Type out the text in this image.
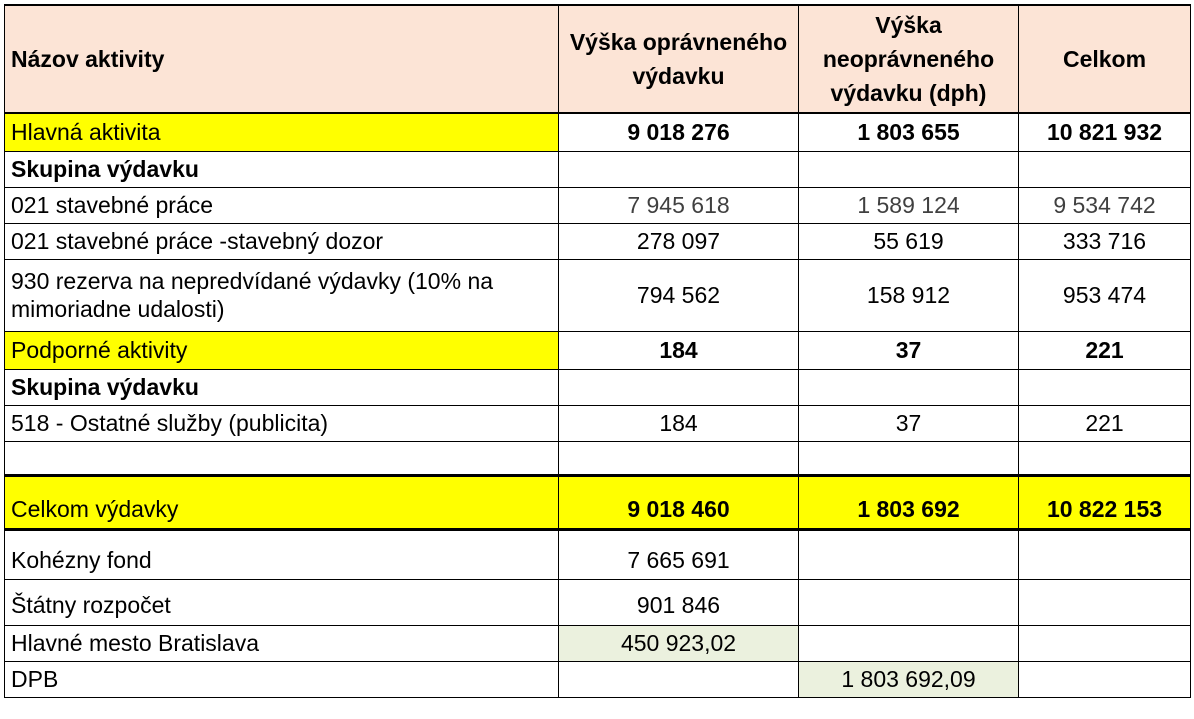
Názov aktivity	Výška oprávneného výdavku	Výška neoprávneného výdavku (dph)	Celkom
Hlavná aktivita	9 018 276	1 803 655	10 821 932
Skupina výdavku			
021 stavebné práce	7 945 618	1 589 124	9 534 742
021 stavebné práce -stavebný dozor	278 097	55 619	333 716
930 rezerva na nepredvídané výdavky (10% na mimoriadne udalosti)	794 562	158 912	953 474
Podporné aktivity	184	37	221
Skupina výdavku			
518 - Ostatné služby (publicita)	184	37	221

Celkom výdavky	9 018 460	1 803 692	10 822 153
Kohézny fond	7 665 691		
Štátny rozpočet	901 846		
Hlavné mesto Bratislava	450 923,02		
DPB		1 803 692,09	
